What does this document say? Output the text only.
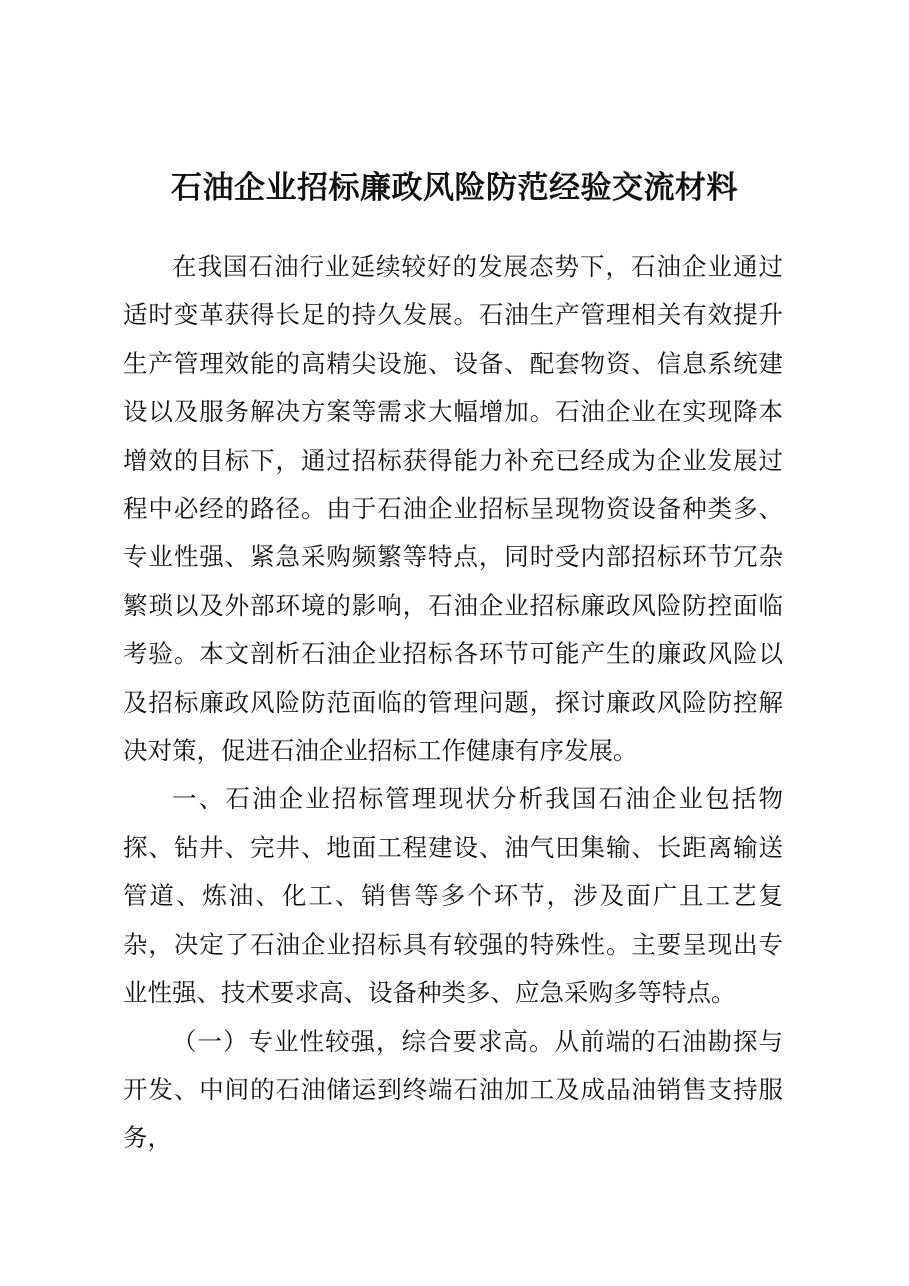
石油企业招标廉政风险防范经验交流材料

在我国石油行业延续较好的发展态势下，石油企业通过适时变革获得长足的持久发展。石油生产管理相关有效提升生产管理效能的高精尖设施、设备、配套物资、信息系统建设以及服务解决方案等需求大幅增加。石油企业在实现降本增效的目标下，通过招标获得能力补充已经成为企业发展过程中必经的路径。由于石油企业招标呈现物资设备种类多、专业性强、紧急采购频繁等特点，同时受内部招标环节冗杂繁琐以及外部环境的影响，石油企业招标廉政风险防控面临考验。本文剖析石油企业招标各环节可能产生的廉政风险以及招标廉政风险防范面临的管理问题，探讨廉政风险防控解决对策，促进石油企业招标工作健康有序发展。

一、石油企业招标管理现状分析我国石油企业包括物探、钻井、完井、地面工程建设、油气田集输、长距离输送管道、炼油、化工、销售等多个环节，涉及面广且工艺复杂，决定了石油企业招标具有较强的特殊性。主要呈现出专业性强、技术要求高、设备种类多、应急采购多等特点。

（一）专业性较强，综合要求高。从前端的石油勘探与开发、中间的石油储运到终端石油加工及成品油销售支持服务，
